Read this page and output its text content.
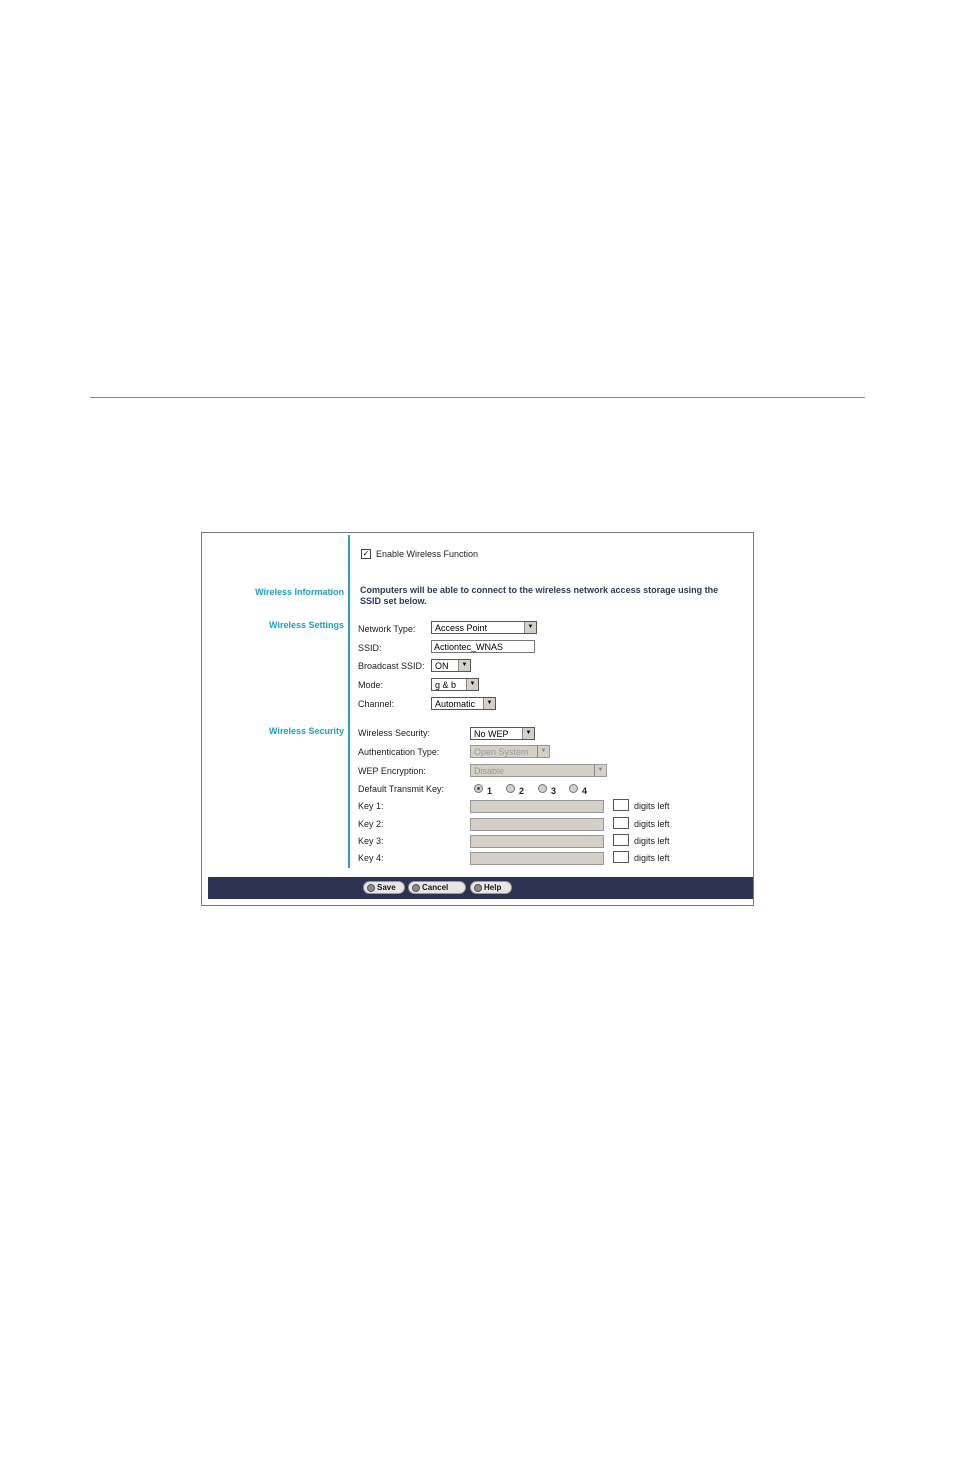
✓ Enable Wireless Function
Wireless Information
Wireless Settings
Wireless Security
Computers will be able to connect to the wireless network access storage using the SSID set below.
Network Type:	Access Point	▼
SSID:	Actiontec_WNAS
Broadcast SSID:	ON	▼
Mode:	g & b	▼
Channel:	Automatic	▼
Wireless Security:	No WEP	▼
Authentication Type:	Open System	▼
WEP Encryption:	Disable	▼
Default Transmit Key:	1	2	3	4
Key 1:	digits left
Key 2:	digits left
Key 3:	digits left
Key 4:	digits left
Save	Cancel	Help
